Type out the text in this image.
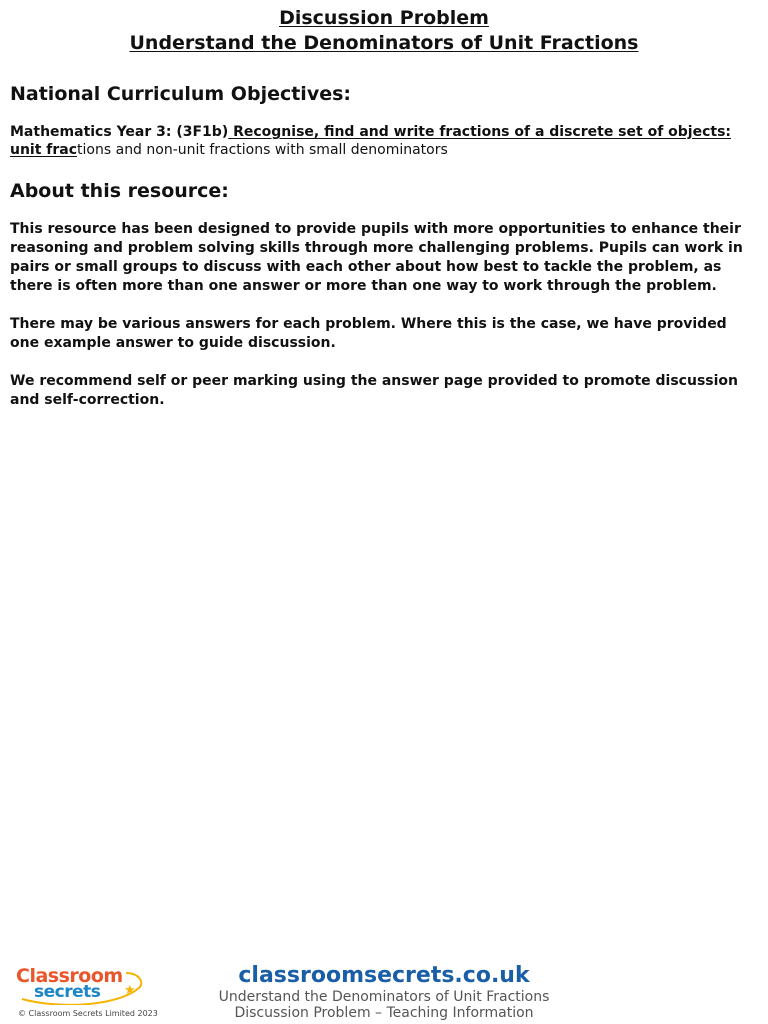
Discussion Problem
Understand the Denominators of Unit Fractions
National Curriculum Objectives:
Mathematics Year 3: (3F1b) Recognise, find and write fractions of a discrete set of objects: unit fractions and non-unit fractions with small denominators
About this resource:
This resource has been designed to provide pupils with more opportunities to enhance their reasoning and problem solving skills through more challenging problems. Pupils can work in pairs or small groups to discuss with each other about how best to tackle the problem, as there is often more than one answer or more than one way to work through the problem.
There may be various answers for each problem. Where this is the case, we have provided one example answer to guide discussion.
We recommend self or peer marking using the answer page provided to promote discussion and self-correction.
Classroom
secrets ★
© Classroom Secrets Limited 2023
classroomsecrets.co.uk
Understand the Denominators of Unit Fractions
Discussion Problem – Teaching Information
